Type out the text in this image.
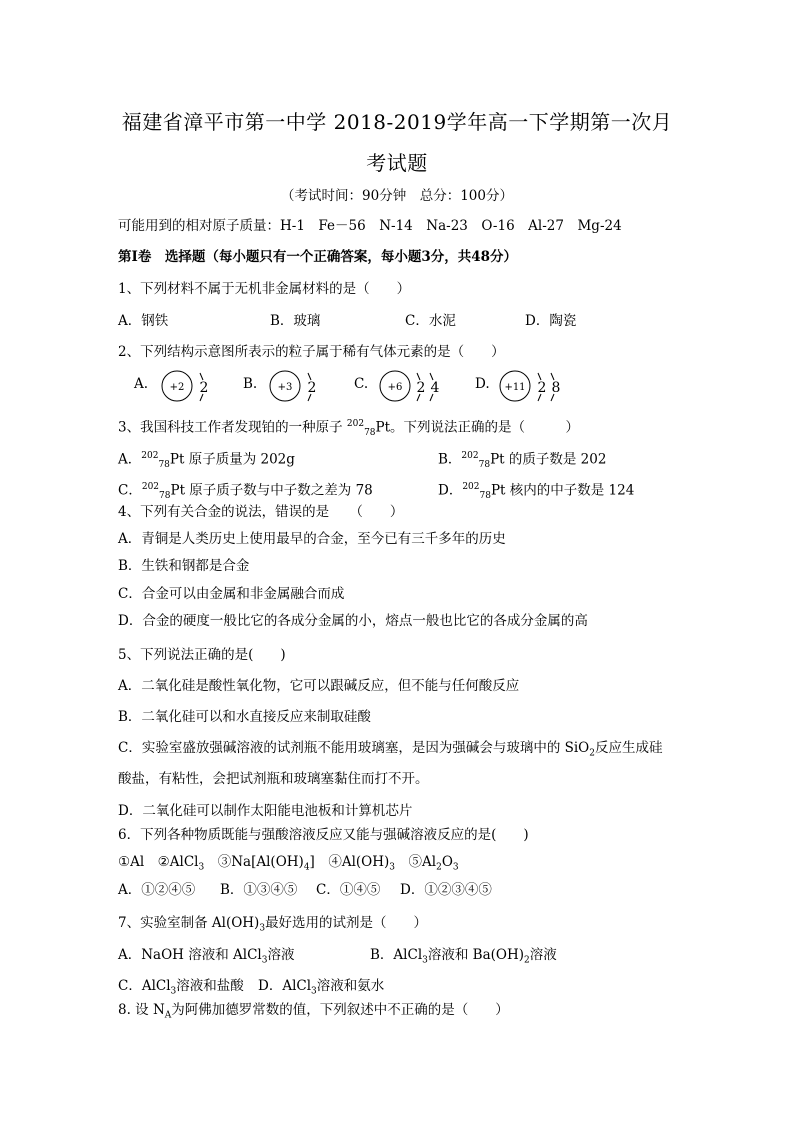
福建省漳平市第一中学 2018-2019学年高一下学期第一次月
考试题
（考试时间：90分钟　总分：100分）
可能用到的相对原子质量：H-1　Fe－56　N-14　Na-23　O-16　Al-27　Mg-24
第Ⅰ卷　选择题（每小题只有一个正确答案，每小题3分，共48分）
1、下列材料不属于无机非金属材料的是（　　）
A．钢铁	B．玻璃	C．水泥	D．陶瓷
2、下列结构示意图所表示的粒子属于稀有气体元素的是（　　）
A. +2 2	B. +3 2	C. +6 2 4	D. +11 2 8
3、我国科技工作者发现铂的一种原子 $^{202}_{78}$Pt。下列说法正确的是（　　　）
A．$^{202}_{78}$Pt 原子质量为 202g	B．$^{202}_{78}$Pt 的质子数是 202
C．$^{202}_{78}$Pt 原子质子数与中子数之差为 78	D．$^{202}_{78}$Pt 核内的中子数是 124
4、下列有关合金的说法，错误的是　　（　　）
A．青铜是人类历史上使用最早的合金，至今已有三千多年的历史
B．生铁和钢都是合金
C．合金可以由金属和非金属融合而成
D．合金的硬度一般比它的各成分金属的小，熔点一般也比它的各成分金属的高
5、下列说法正确的是(　　)
A．二氧化硅是酸性氧化物，它可以跟碱反应，但不能与任何酸反应
B．二氧化硅可以和水直接反应来制取硅酸
C．实验室盛放强碱溶液的试剂瓶不能用玻璃塞，是因为强碱会与玻璃中的 SiO$_2$反应生成硅
酸盐，有粘性，会把试剂瓶和玻璃塞黏住而打不开。
D．二氧化硅可以制作太阳能电池板和计算机芯片
6．下列各种物质既能与强酸溶液反应又能与强碱溶液反应的是(　　)
①Al　②AlCl$_3$　$③Na[Al(OH)_4]$　$④Al(OH)_3$　$⑤Al_2O_3$
A．①②④⑤ B．①③④⑤ C．①④⑤ D．①②③④⑤
7、实验室制备 $Al(OH)_3$最好选用的试剂是（　　）
A．NaOH 溶液和 AlCl$_3$溶液	B．AlCl$_3$溶液和 $Ba(OH)_2$溶液
C．AlCl$_3$溶液和盐酸 D．AlCl$_3$溶液和氨水
8. 设 $N_A$为阿佛加德罗常数的值，下列叙述中不正确的是（　　）
